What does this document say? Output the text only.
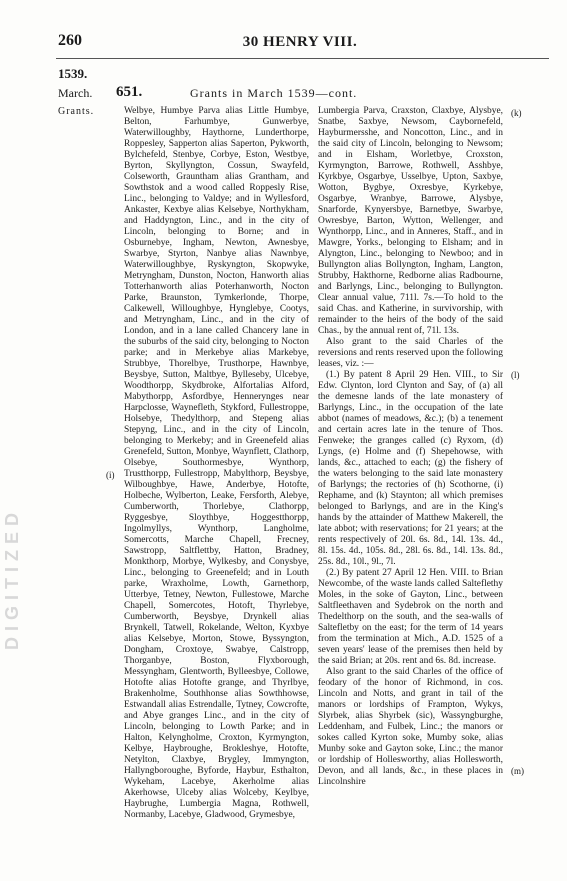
260	30 HENRY VIII.
1539.
March.
Grants.
651.	Grants in March 1539—cont.

Welbye, Humbye Parva alias Little Humbye, Belton, Farhumbye, Gunwerbye, Waterwilloughby, Haythorne, Lunderthorpe, Roppesley, Sapperton alias Saperton, Pykworth, Bylchefeld, Stenbye, Corbye, Eston, Westbye, Byrton, Skyllyngton, Cossun, Swayfeld, Colseworth, Grauntham alias Grantham, and Sowthstok and a wood called Roppesly Rise, Linc., belonging to Valdye; and in Wyllesford, Ankaster, Kexbye alias Kelsebye, Northykham, and Haddyngton, Linc., and in the city of Lincoln, belonging to Borne; and in Osburnebye, Ingham, Newton, Awnesbye, Swarbye, Styrton, Nanbye alias Nawnbye, Waterwilloughbye, Ryskyngton, Skopwyke, Metryngham, Dunston, Nocton, Hanworth alias Totterhanworth alias Poterhanworth, Nocton Parke, Braunston, Tymkerlonde, Thorpe, Calkewell, Willoughbye, Hynglebye, Cootys, and Metryngham, Linc., and in the city of London, and in a lane called Chancery lane in the suburbs of the said city, belonging to Nocton parke; and in Merkebye alias Markebye, Strubbye, Thorelbye, Trusthorpe, Hawnbye, Beysbye, Sutton, Maltbye, Bylleseby, Ulcebye, Woodthorpp, Skydbroke, Alfortalias Alford, Mabythorpp, Asfordbye, Hennerynges near Harpclosse, Waynefleth, Stykford, Fullestroppe, Holsebye, Thedylthorp, and Stepeng alias Stepyng, Linc., and in the city of Lincoln, belonging to Merkeby; and in Greenefeld alias Grenefeld, Sutton, Monbye, Waynflett, Clathorp, Olsebye, Southormesbye, Wynthorp, Trustthorpp, Fullestropp, Mabylthorp, Beysbye, Wilboughbye, Hawe, Anderbye, Hotofte, Holbeche, Wylberton, Leake, Fersforth, Alebye, Cumberworth, Thorlebye, Clathorpp, Ryggesbye, Sloythbye, Hoggestthorpp, Ingolmyllys, Wynthorp, Langholme, Somercotts, Marche Chapell, Frecney, Sawstropp, Saltflettby, Hatton, Bradney, Monkthorp, Morbye, Wylkesby, and Conysbye, Linc., belonging to Greenefeld; and in Louth parke, Wraxholme, Lowth, Garnethorp, Utterbye, Tetney, Newton, Fullestowe, Marche Chapell, Somercotes, Hotoft, Thyrlebye, Cumberworth, Beysbye, Drynkell alias Brynkell, Tatwell, Rokelande, Welton, Kyxbye alias Kelsebye, Morton, Stowe, Byssyngton, Dongham, Croxtoye, Swabye, Calstropp, Thorganbye, Boston, Flyxborough, Messyngham, Glentworth, Bylleesbye, Collowe, Hotofte alias Hotofte grange, and Thyrlbye, Brakenholme, Southhonse alias Sowthhowse, Estwandall alias Estrendalle, Tytney, Cowcrofte, and Abye granges Linc., and in the city of Lincoln, belonging to Lowth Parke; and in Halton, Kelyngholme, Croxton, Kyrmyngton, Kelbye, Haybroughe, Brokleshye, Hotofte, Netylton, Claxbye, Brygley, Immyngton, Hallyngboroughe, Byforde, Haybur, Esthalton, Wykeham, Lacebye, Akerholme alias Akerhowse, Ulceby alias Wolceby, Keylbye, Haybrughe, Lumbergia Magna, Rothwell, Normanby, Lacebye, Gladwood, Grymesbye,

Lumbergia Parva, Craxston, Claxbye, Alysbye, Snatbe, Saxbye, Newsom, Caybornefeld, Hayburmersshe, and Noncotton, Linc., and in the said city of Lincoln, belonging to Newsom; and in Elsham, Worletbye, Croxston, Kyrmyngton, Barrowe, Rothwell, Asshbye, Kyrkbye, Osgarbye, Usselbye, Upton, Saxbye, Wotton, Bygbye, Oxresbye, Kyrkebye, Osgarbye, Wranbye, Barrowe, Alysbye, Snarforde, Kynyersbye, Barnetbye, Swarbye, Owresbye, Barton, Wytton, Wellenger, and Wynthorpp, Linc., and in Anneres, Staff., and in Mawgre, Yorks., belonging to Elsham; and in Alyngton, Linc., belonging to Newboo; and in Bullyngton alias Bollyngton, Ingham, Langton, Strubby, Hakthorne, Redborne alias Radbourne, and Barlyngs, Linc., belonging to Bullyngton. Clear annual value, 711l. 7s.—To hold to the said Chas. and Katherine, in survivorship, with remainder to the heirs of the body of the said Chas., by the annual rent of, 71l. 13s.

Also grant to the said Charles of the reversions and rents reserved upon the following leases, viz. :—

(1.) By patent 8 April 29 Hen. VIII., to Sir Edw. Clynton, lord Clynton and Say, of (a) all the demesne lands of the late monastery of Barlyngs, Linc., in the occupation of the late abbot (names of meadows, &c.); (b) a tenement and certain acres late in the tenure of Thos. Fenweke; the granges called (c) Ryxom, (d) Lyngs, (e) Holme and (f) Shepehowse, with lands, &c., attached to each; (g) the fishery of the waters belonging to the said late monastery of Barlyngs; the rectories of (h) Scothorne, (i) Rephame, and (k) Staynton; all which premises belonged to Barlyngs, and are in the King's hands by the attainder of Matthew Makerell, the late abbot; with reservations; for 21 years; at the rents respectively of 20l. 6s. 8d., 14l. 13s. 4d., 8l. 15s. 4d., 105s. 8d., 28l. 6s. 8d., 14l. 13s. 8d., 25s. 8d., 10l., 9l., 7l.

(2.) By patent 27 April 12 Hen. VIII. to Brian Newcombe, of the waste lands called Salteflethy Moles, in the soke of Gayton, Linc., between Saltfleethaven and Sydebrok on the north and Thedelthorp on the south, and the sea-walls of Saltefletby on the east; for the term of 14 years from the termination at Mich., A.D. 1525 of a seven years' lease of the premises then held by the said Brian; at 20s. rent and 6s. 8d. increase.

Also grant to the said Charles of the office of feodary of the honor of Richmond, in cos. Lincoln and Notts, and grant in tail of the manors or lordships of Frampton, Wykys, Slyrbek, alias Shyrbek (sic), Wassyngburghe, Leddenham, and Fulbek, Linc.; the manors or sokes called Kyrton soke, Mumby soke, alias Munby soke and Gayton soke, Linc.; the manor or lordship of Hollesworthy, alias Hollesworth, Devon, and all lands, &c., in these places in Lincolnshire

(k)
(i)
(l)
(m)
DIGITIZED
